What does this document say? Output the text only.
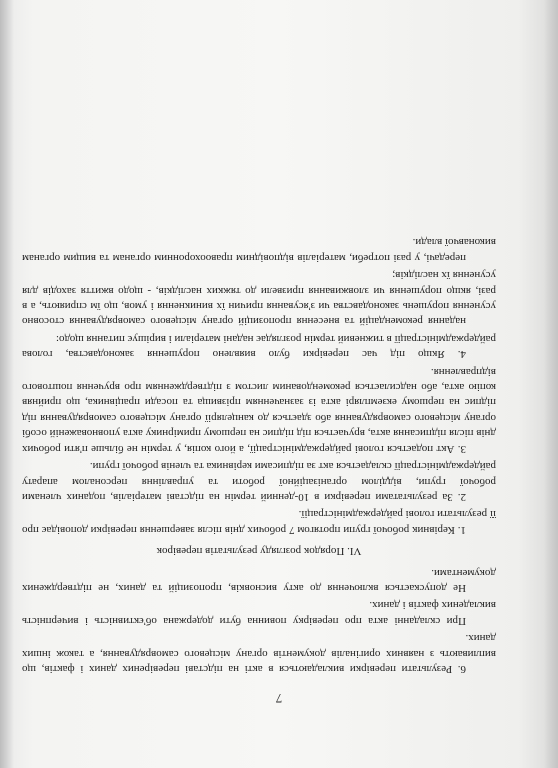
7

6. Результати перевірки викладаються в акті на підставі перевірених даних і фактів, що випливають з наявних оригіналів документів органу місцевого самоврядування, а також інших даних.

При складанні акта про перевірку повинна бути додержана об'єктивність і вичерпність викладених фактів і даних.

Не допускається включення до акту висновків, пропозицій та даних, не підтверджених документами.

VI. Порядок розгляду результатів перевірок

1. Керівник робочої групи протягом 7 робочих днів після завершення перевірки доповідає про її результати голові райдержадміністрації.

2. За результатами перевірки в 10-денний термін на підставі матеріалів, поданих членами робочої групи, відділом організаційної роботи та управління персоналом апарату райдержадміністрації складається акт за підписами керівника та членів робочої групи.

3. Акт подається голові райдержадміністрації, а його копія, у термін не більше п'яти робочих днів після підписання акта, вручається під підпис на першому примірнику акта уповноваженій особі органу місцевого самоврядування або здається до канцелярії органу місцевого самоврядування під підпис на першому екземплярі акта із зазначенням прізвища та посади працівника, що прийняв копію акта, або надсилається рекомендованим листом з підтвердженням про вручення поштового відправлення.

4. Якщо під час перевірки було виявлено порушення законодавства, голова райдержадміністрації в тижневий термін розглядає надані матеріали і вирішує питання щодо:

надання рекомендацій та внесення пропозицій органу місцевого самоврядування стосовно усунення порушень законодавства чи з'ясування причин їх виникнення і умов, що їм сприяють, а в разі, якщо порушення чи зловживання призвели до тяжких наслідків, - щодо вжиття заходів для усунення їх наслідків;

передачі, у разі потреби, матеріалів відповідним правоохоронним органам та вищим органам виконавчої влади.
